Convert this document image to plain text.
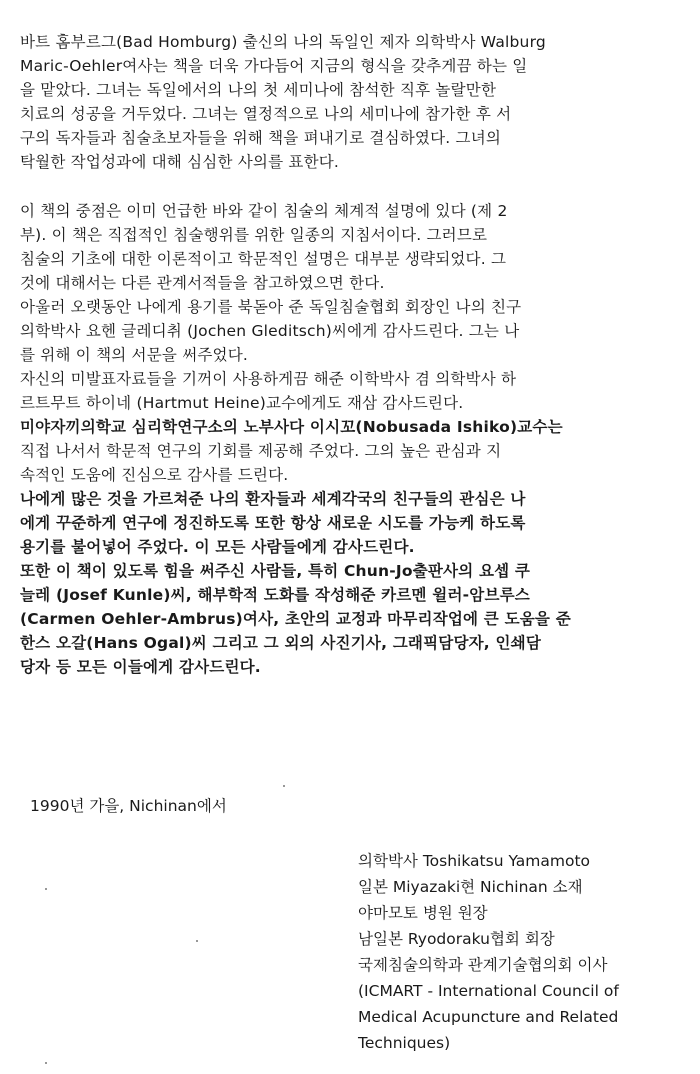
바트 홈부르그(Bad Homburg) 출신의 나의 독일인 제자 의학박사 Walburg
Maric-Oehler여사는 책을 더욱 가다듬어 지금의 형식을 갖추게끔 하는 일
을 맡았다. 그녀는 독일에서의 나의 첫 세미나에 참석한 직후 놀랄만한
치료의 성공을 거두었다. 그녀는 열정적으로 나의 세미나에 참가한 후 서
구의 독자들과 침술초보자들을 위해 책을 펴내기로 결심하였다. 그녀의
탁월한 작업성과에 대해 심심한 사의를 표한다.
이 책의 중점은 이미 언급한 바와 같이 침술의 체계적 설명에 있다 (제 2
부). 이 책은 직접적인 침술행위를 위한 일종의 지침서이다. 그러므로
침술의 기초에 대한 이론적이고 학문적인 설명은 대부분 생략되었다. 그
것에 대해서는 다른 관계서적들을 참고하였으면 한다.
아울러 오랫동안 나에게 용기를 북돋아 준 독일침술협회 회장인 나의 친구
의학박사 요헨 글레디취 (Jochen Gleditsch)씨에게 감사드린다. 그는 나
를 위해 이 책의 서문을 써주었다.
자신의 미발표자료들을 기꺼이 사용하게끔 해준 이학박사 겸 의학박사 하
르트무트 하이네 (Hartmut Heine)교수에게도 재삼 감사드린다.
미야자끼의학교 심리학연구소의 노부사다 이시꼬(Nobusada Ishiko)교수는
직접 나서서 학문적 연구의 기회를 제공해 주었다. 그의 높은 관심과 지
속적인 도움에 진심으로 감사를 드린다.
나에게 많은 것을 가르쳐준 나의 환자들과 세계각국의 친구들의 관심은 나
에게 꾸준하게 연구에 정진하도록 또한 항상 새로운 시도를 가능케 하도록
용기를 불어넣어 주었다. 이 모든 사람들에게 감사드린다.
또한 이 책이 있도록 힘을 써주신 사람들, 특히 Chun-Jo출판사의 요셉 쿠
늘레 (Josef Kunle)씨, 해부학적 도화를 작성해준 카르멘 윌러-암브루스
(Carmen Oehler-Ambrus)여사, 초안의 교정과 마무리작업에 큰 도움을 준
한스 오갈(Hans Ogal)씨 그리고 그 외의 사진기사, 그래픽담당자, 인쇄담
당자 등 모든 이들에게 감사드린다.
1990년 가을, Nichinan에서
의학박사 Toshikatsu Yamamoto
일본 Miyazaki현 Nichinan 소재
야마모토 병원 원장
남일본 Ryodoraku협회 회장
국제침술의학과 관계기술협의회 이사
(ICMART - International Council of
Medical Acupuncture and Related
Techniques)
